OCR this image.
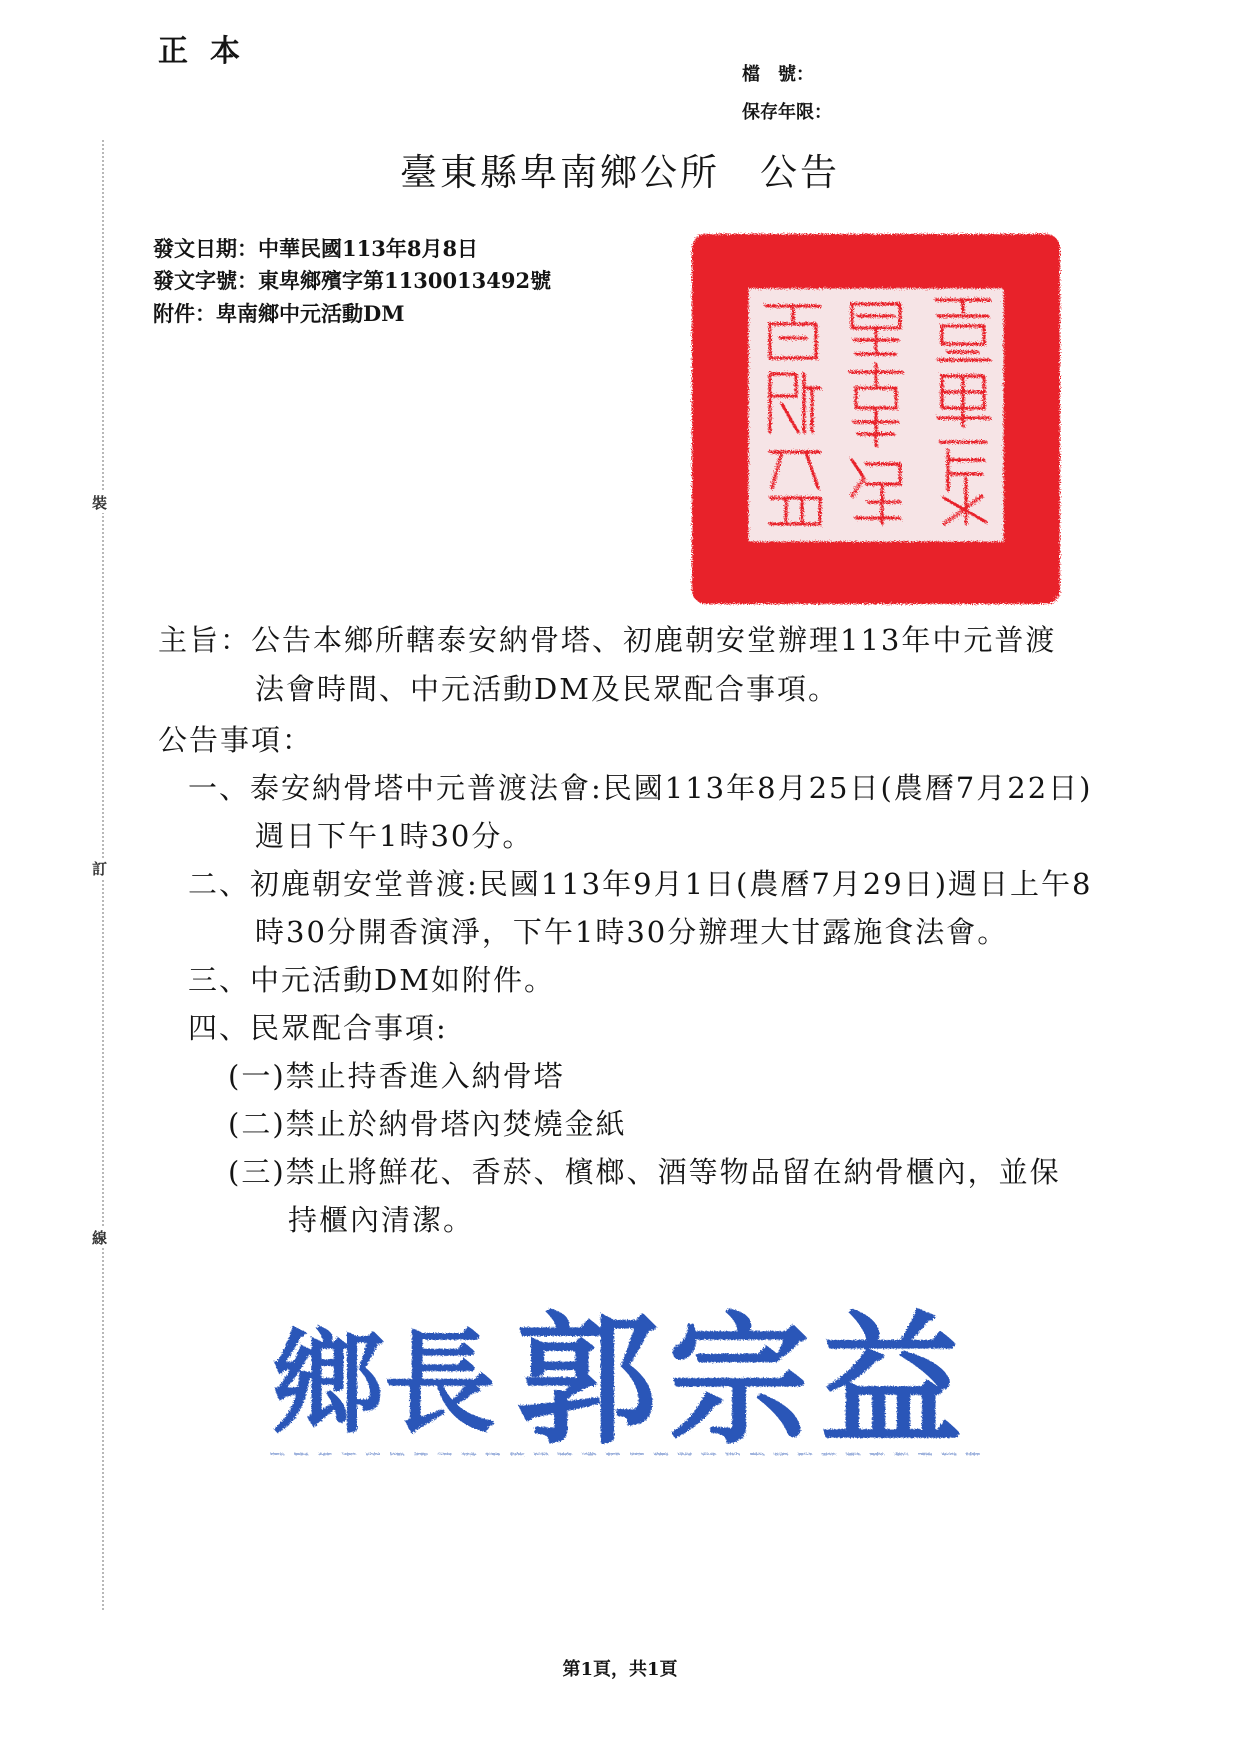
正本
檔　號：
保存年限：
臺東縣卑南鄉公所　公告
發文日期：中華民國113年8月8日
發文字號：東卑鄉殯字第1130013492號
附件：卑南鄉中元活動DM
裝
訂
線
主旨：公告本鄉所轄泰安納骨塔、初鹿朝安堂辦理113年中元普渡
法會時間、中元活動DM及民眾配合事項。
公告事項：
一、泰安納骨塔中元普渡法會:民國113年8月25日(農曆7月22日)
週日下午1時30分。
二、初鹿朝安堂普渡:民國113年9月1日(農曆7月29日)週日上午8
時30分開香演淨，下午1時30分辦理大甘露施食法會。
三、中元活動DM如附件。
四、民眾配合事項:
(一)禁止持香進入納骨塔
(二)禁止於納骨塔內焚燒金紙
(三)禁止將鮮花、香菸、檳榔、酒等物品留在納骨櫃內，並保
持櫃內清潔。
鄉長 郭宗益
第1頁，共1頁
